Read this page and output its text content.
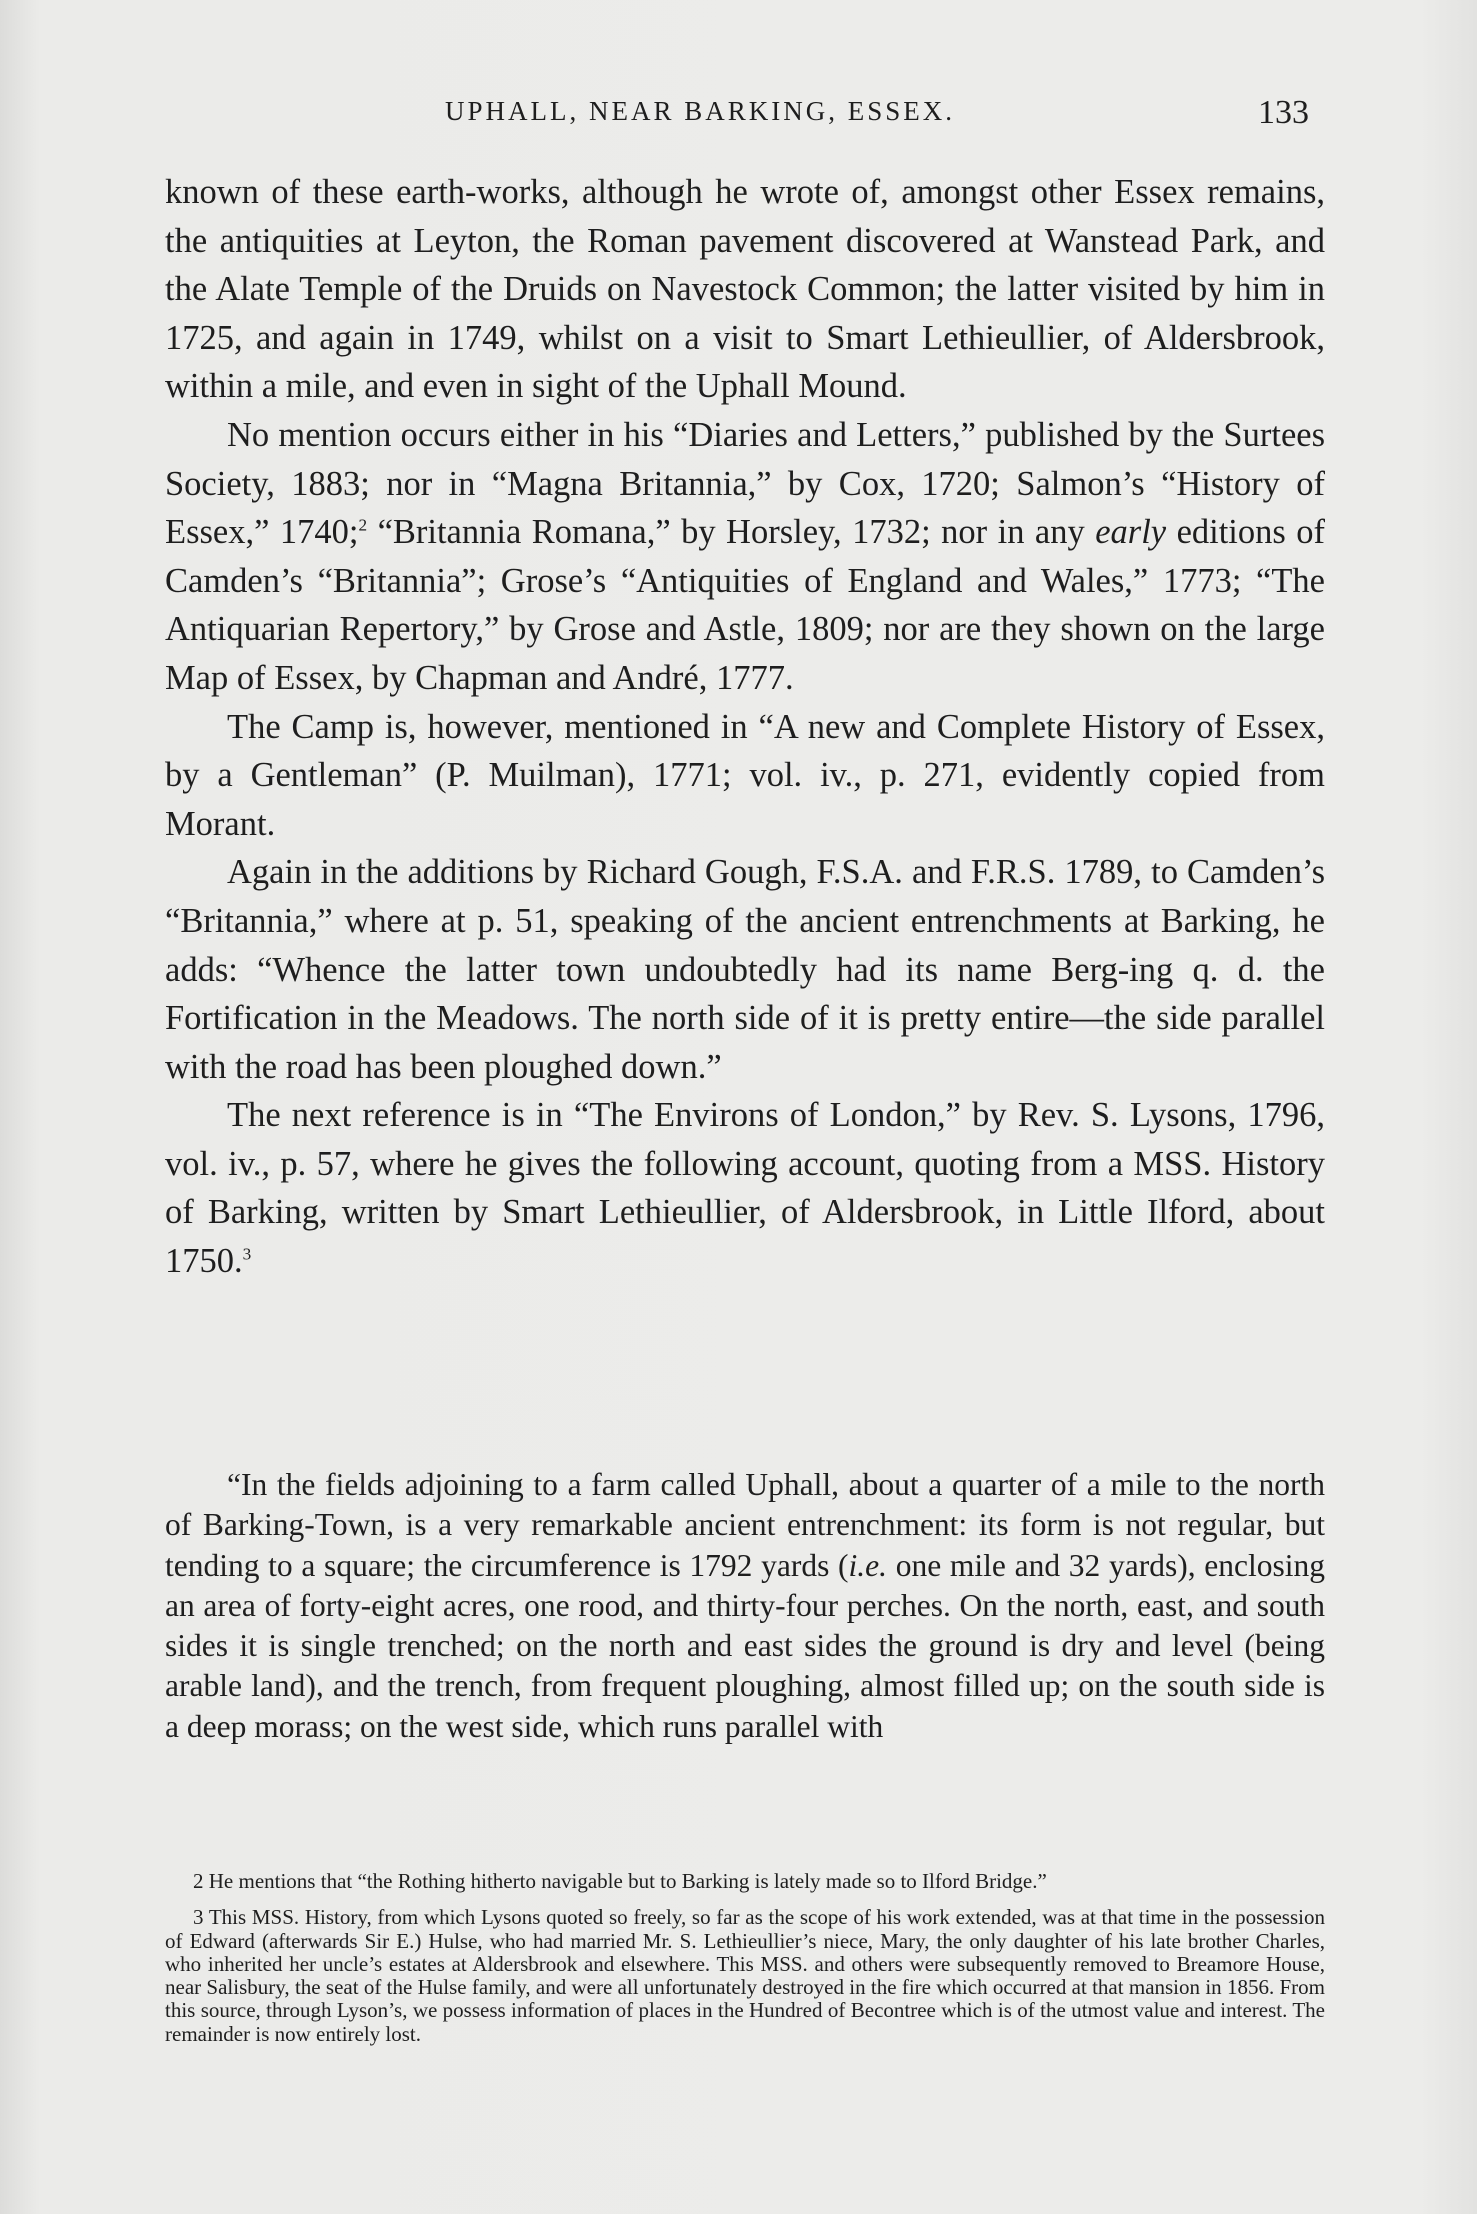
UPHALL, NEAR BARKING, ESSEX.	133

known of these earth-works, although he wrote of, amongst other Essex remains, the antiquities at Leyton, the Roman pavement discovered at Wanstead Park, and the Alate Temple of the Druids on Navestock Common; the latter visited by him in 1725, and again in 1749, whilst on a visit to Smart Lethieullier, of Aldersbrook, within a mile, and even in sight of the Uphall Mound.

No mention occurs either in his “Diaries and Letters,” published by the Surtees Society, 1883; nor in “Magna Britannia,” by Cox, 1720; Salmon’s “History of Essex,” 1740;$^2$ “Britannia Romana,” by Horsley, 1732; nor in any early editions of Camden’s “Britannia”; Grose’s “Antiquities of England and Wales,” 1773; “The Antiquarian Repertory,” by Grose and Astle, 1809; nor are they shown on the large Map of Essex, by Chapman and André, 1777.

The Camp is, however, mentioned in “A new and Complete History of Essex, by a Gentleman” (P. Muilman), 1771; vol. iv., p. 271, evidently copied from Morant.

Again in the additions by Richard Gough, F.S.A. and F.R.S. 1789, to Camden’s “Britannia,” where at p. 51, speaking of the ancient entrenchments at Barking, he adds: “Whence the latter town undoubtedly had its name Berg-ing q. d. the Fortification in the Meadows. The north side of it is pretty entire—the side parallel with the road has been ploughed down.”

The next reference is in “The Environs of London,” by Rev. S. Lysons, 1796, vol. iv., p. 57, where he gives the following account, quoting from a MSS. History of Barking, written by Smart Lethieullier, of Aldersbrook, in Little Ilford, about 1750.$^3$

“In the fields adjoining to a farm called Uphall, about a quarter of a mile to the north of Barking-Town, is a very remarkable ancient entrenchment: its form is not regular, but tending to a square; the circumference is 1792 yards (i.e. one mile and 32 yards), enclosing an area of forty-eight acres, one rood, and thirty-four perches. On the north, east, and south sides it is single trenched; on the north and east sides the ground is dry and level (being arable land), and the trench, from frequent ploughing, almost filled up; on the south side is a deep morass; on the west side, which runs parallel with

2 He mentions that “the Rothing hitherto navigable but to Barking is lately made so to Ilford Bridge.”

3 This MSS. History, from which Lysons quoted so freely, so far as the scope of his work extended, was at that time in the possession of Edward (afterwards Sir E.) Hulse, who had married Mr. S. Lethieullier’s niece, Mary, the only daughter of his late brother Charles, who inherited her uncle’s estates at Aldersbrook and elsewhere. This MSS. and others were subsequently removed to Breamore House, near Salisbury, the seat of the Hulse family, and were all unfortunately destroyed in the fire which occurred at that mansion in 1856. From this source, through Lyson’s, we possess information of places in the Hundred of Becontree which is of the utmost value and interest. The remainder is now entirely lost.
